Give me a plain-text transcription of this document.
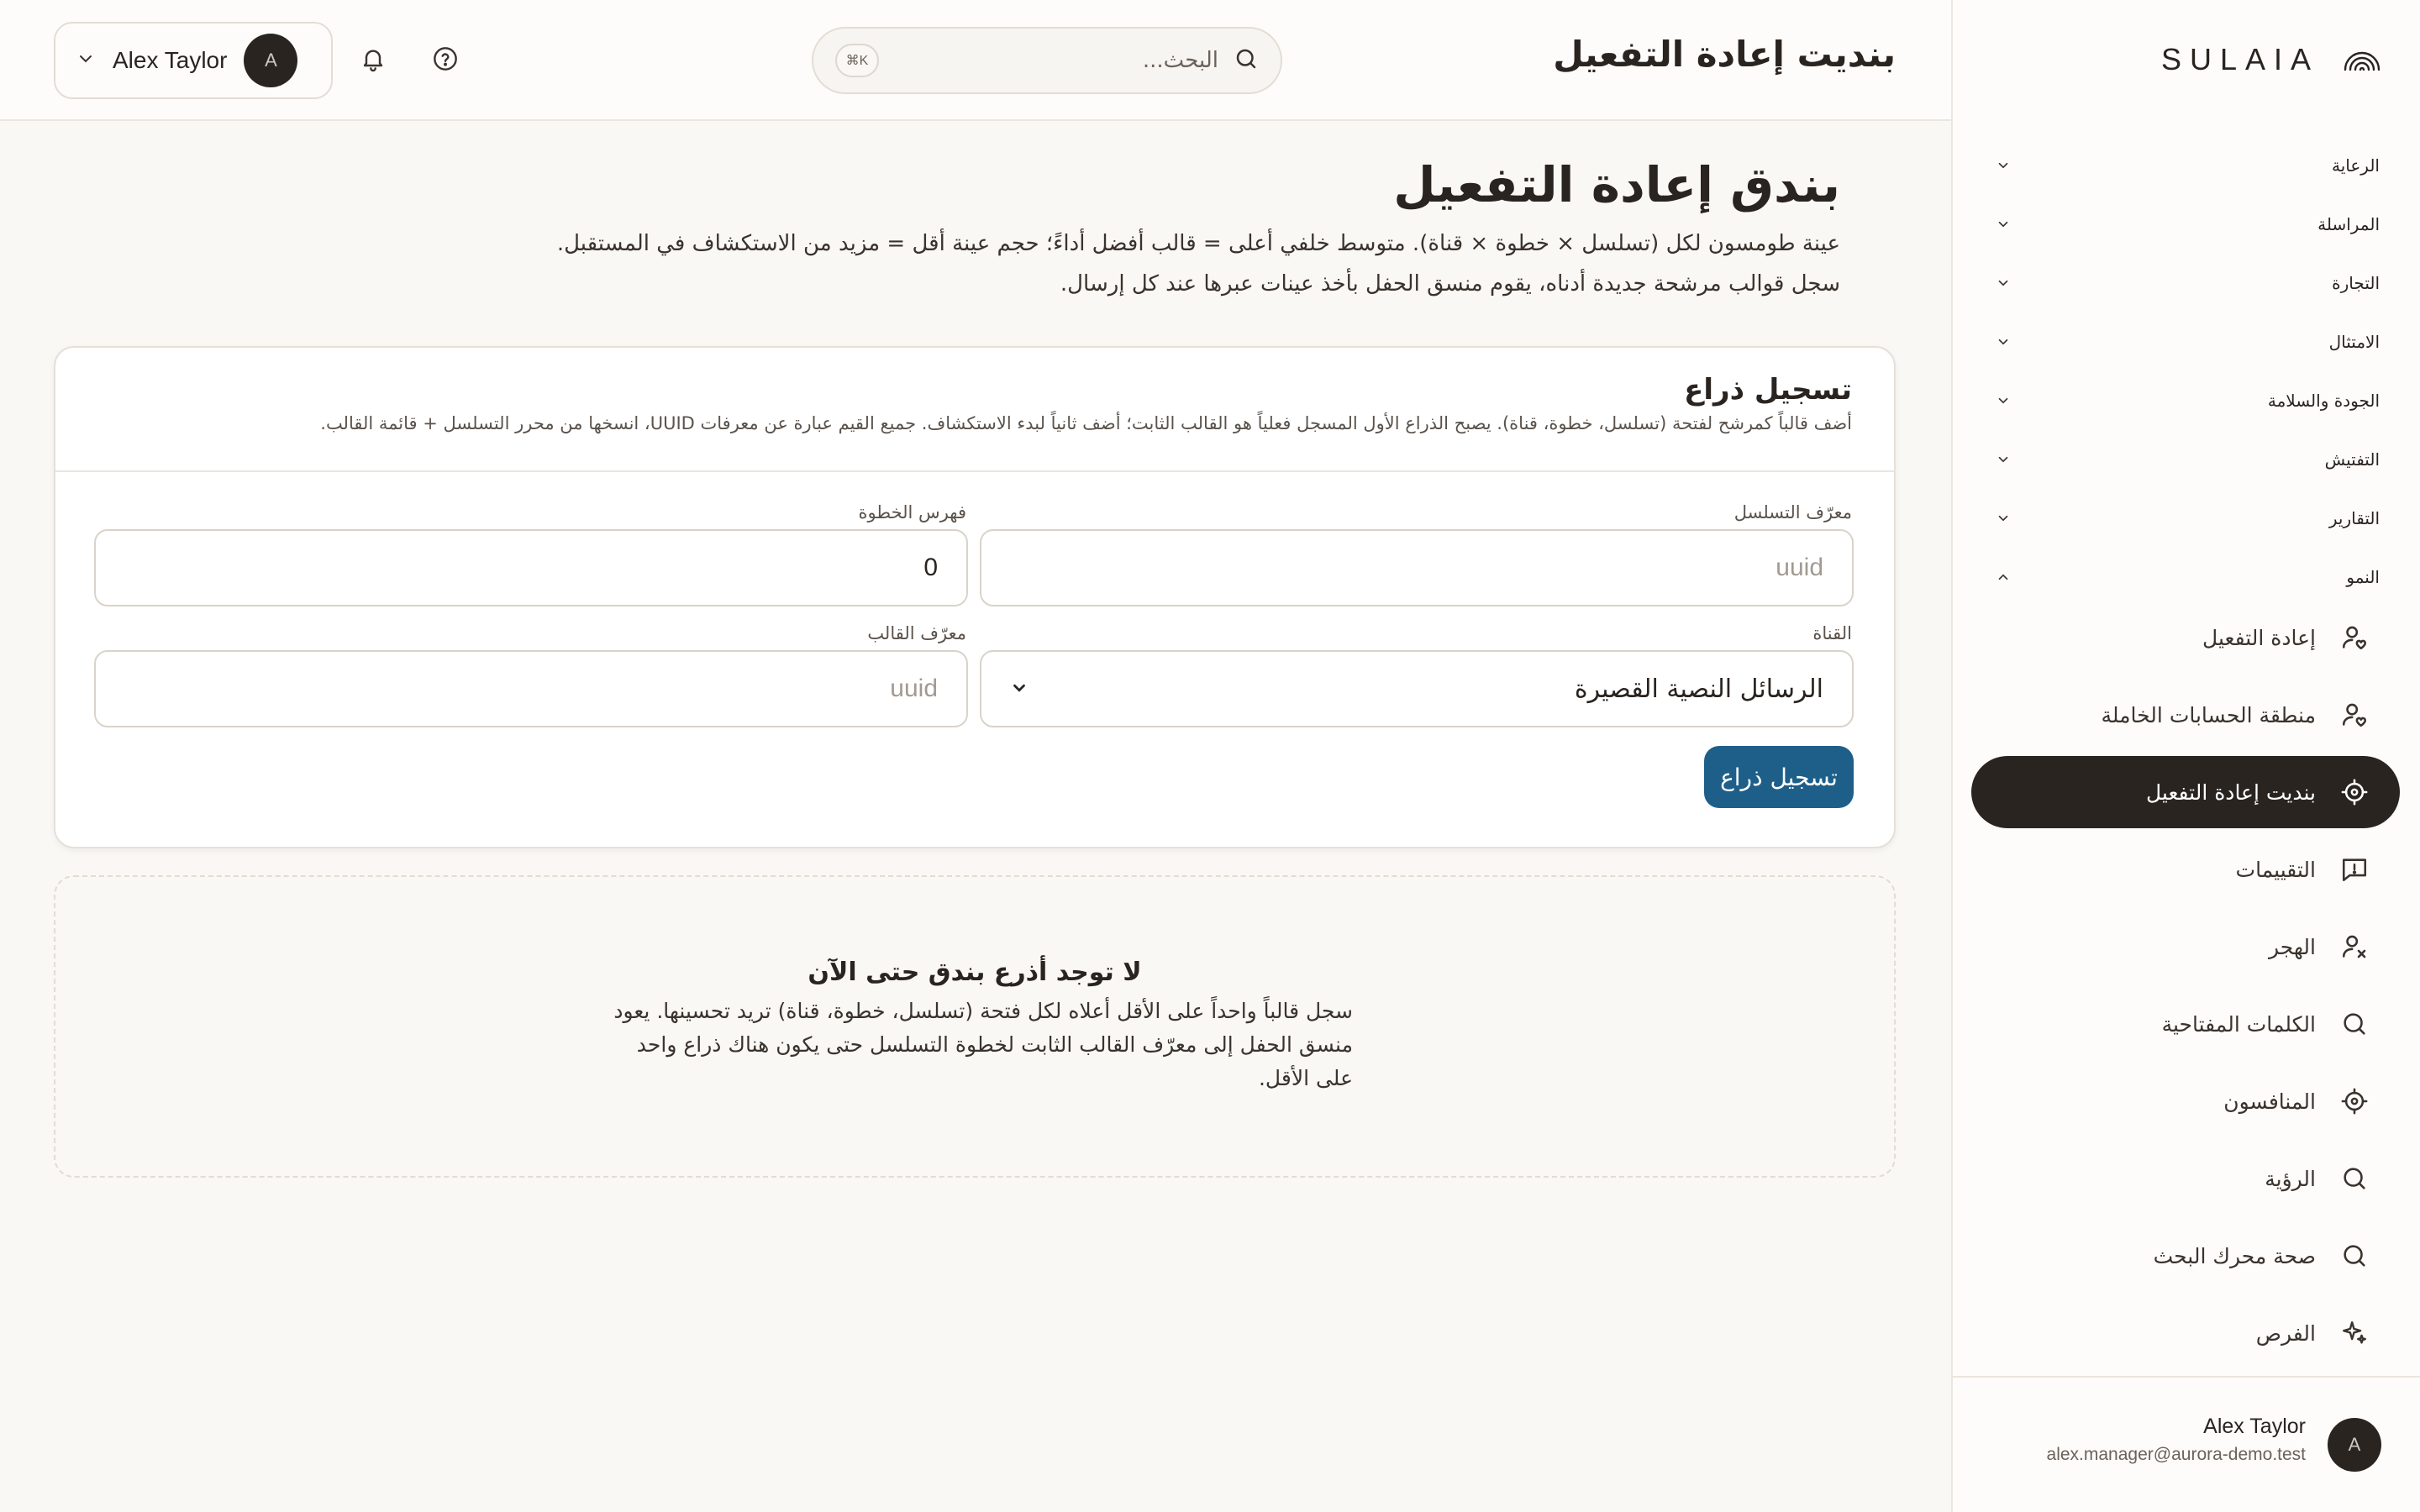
SULAIA
الرعاية
المراسلة
التجارة
الامتثال
الجودة والسلامة
التفتيش
التقارير
النمو
إعادة التفعيل
منطقة الحسابات الخاملة
بنديت إعادة التفعيل
التقييمات
الهجر
الكلمات المفتاحية
المنافسون
الرؤية
صحة محرك البحث
الفرص
A
Alex Taylor
alex.manager@aurora-demo.test
بنديت إعادة التفعيل
البحث...
⌘K
Alex Taylor	A
بندق إعادة التفعيل

عينة طومسون لكل (تسلسل × خطوة × قناة). متوسط خلفي أعلى = قالب أفضل أداءً؛ حجم عينة أقل = مزيد من الاستكشاف في المستقبل. سجل قوالب مرشحة جديدة أدناه، يقوم منسق الحفل بأخذ عينات عبرها عند كل إرسال.

تسجيل ذراع

أضف قالباً كمرشح لفتحة (تسلسل، خطوة، قناة). يصبح الذراع الأول المسجل فعلياً هو القالب الثابت؛ أضف ثانياً لبدء الاستكشاف. جميع القيم عبارة عن معرفات UUID، انسخها من محرر التسلسل + قائمة القالب.

معرّف التسلسل
uuid
فهرس الخطوة
0
القناة
الرسائل النصية القصيرة
معرّف القالب
uuid
تسجيل ذراع
لا توجد أذرع بندق حتى الآن

سجل قالباً واحداً على الأقل أعلاه لكل فتحة (تسلسل، خطوة، قناة) تريد تحسينها. يعود منسق الحفل إلى معرّف القالب الثابت لخطوة التسلسل حتى يكون هناك ذراع واحد على الأقل.
